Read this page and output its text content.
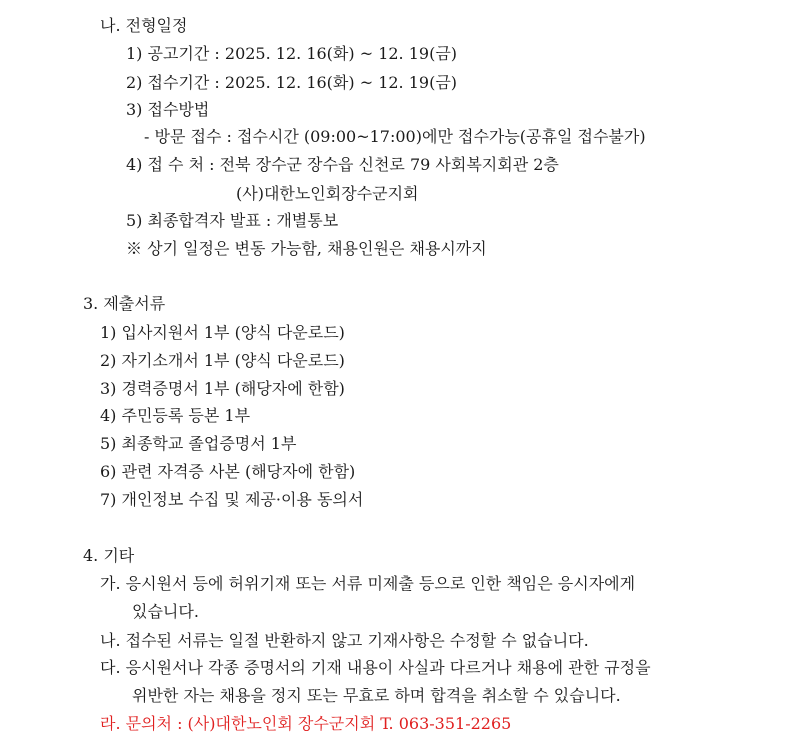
나. 전형일정
1) 공고기간 : 2025. 12. 16(화) ~ 12. 19(금)
2) 접수기간 : 2025. 12. 16(화) ~ 12. 19(금)
3) 접수방법
- 방문 접수 : 접수시간 (09:00~17:00)에만 접수가능(공휴일 접수불가)
4) 접 수 처 : 전북 장수군 장수읍 신천로 79 사회복지회관 2층
(사)대한노인회장수군지회
5) 최종합격자 발표 : 개별통보
※ 상기 일정은 변동 가능함, 채용인원은 채용시까지
3. 제출서류
1) 입사지원서 1부 (양식 다운로드)
2) 자기소개서 1부 (양식 다운로드)
3) 경력증명서 1부 (해당자에 한함)
4) 주민등록 등본 1부
5) 최종학교 졸업증명서 1부
6) 관련 자격증 사본 (해당자에 한함)
7) 개인정보 수집 및 제공·이용 동의서
4. 기타
가. 응시원서 등에 허위기재 또는 서류 미제출 등으로 인한 책임은 응시자에게
있습니다.
나. 접수된 서류는 일절 반환하지 않고 기재사항은 수정할 수 없습니다.
다. 응시원서나 각종 증명서의 기재 내용이 사실과 다르거나 채용에 관한 규정을
위반한 자는 채용을 정지 또는 무효로 하며 합격을 취소할 수 있습니다.
라. 문의처 : (사)대한노인회 장수군지회 T. 063-351-2265
